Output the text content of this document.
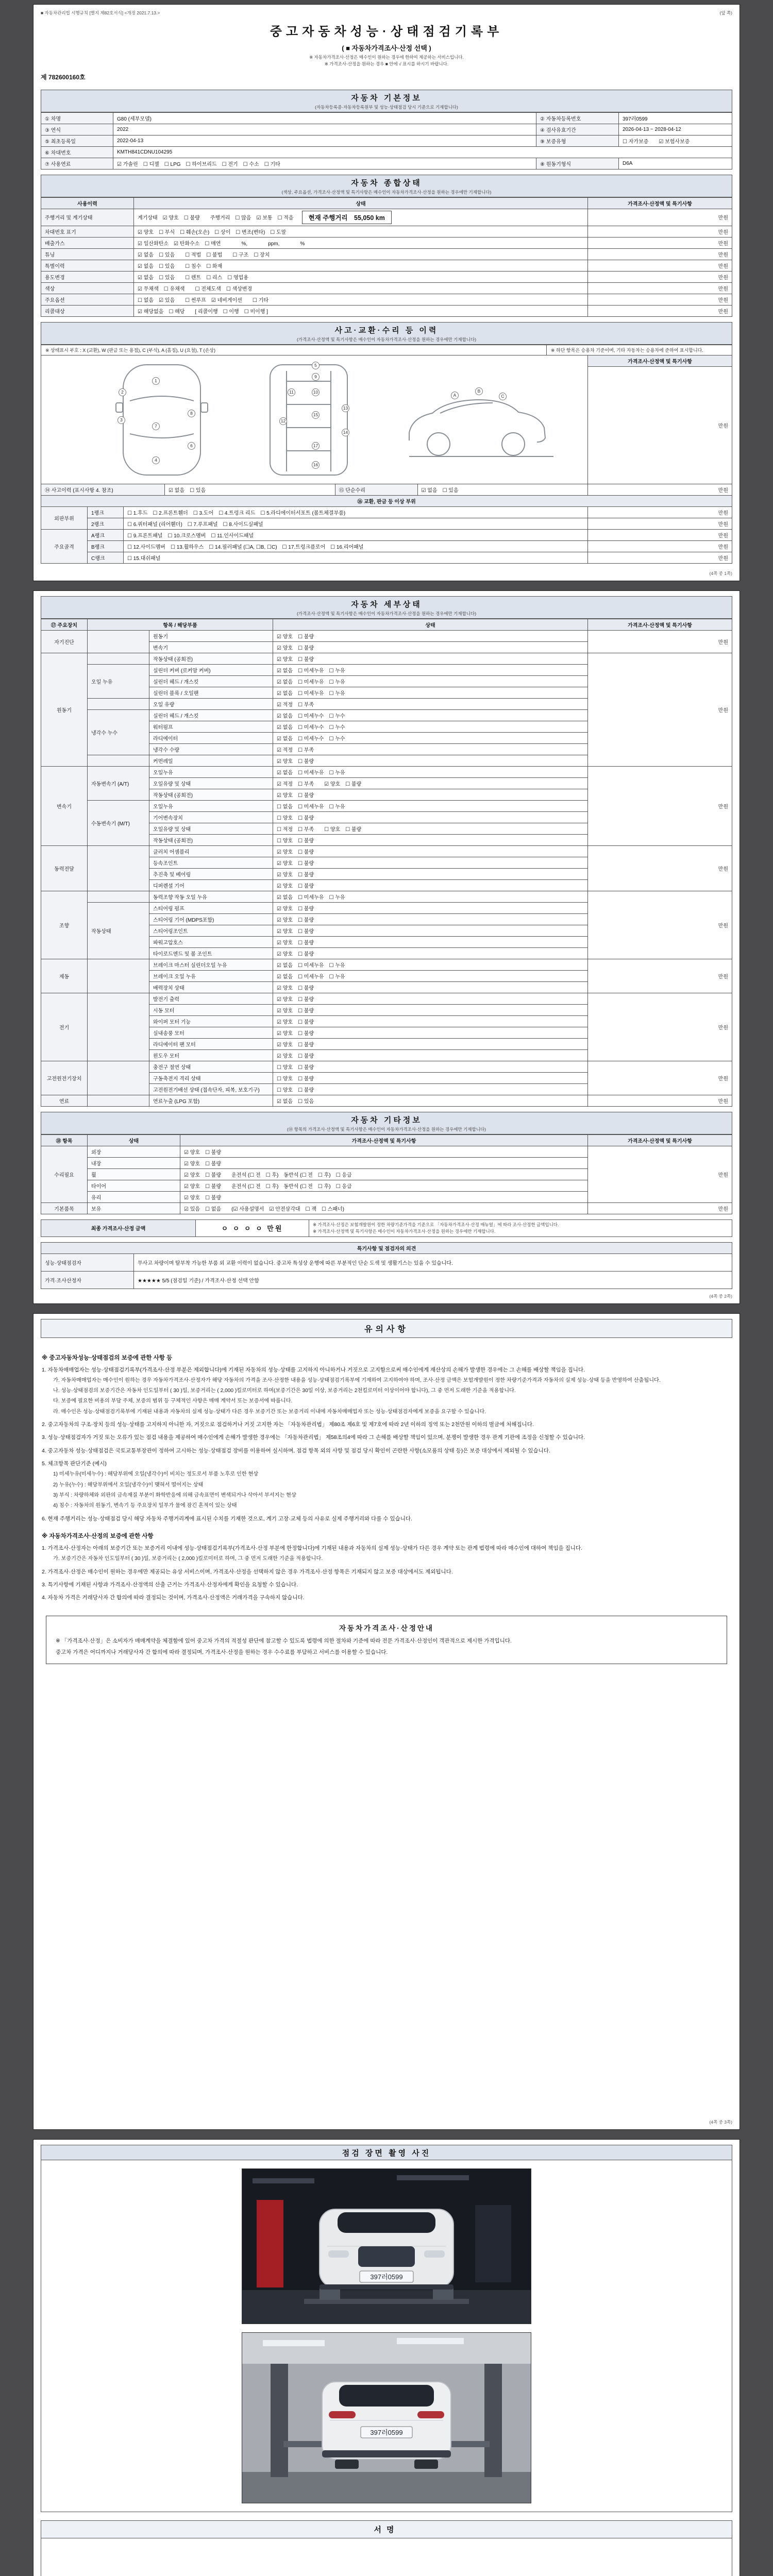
■ 자동차관리법 시행규칙 [별지 제82호서식] <개정 2021.7.13.>	(앞 쪽)
중고자동차성능·상태점검기록부
( ■ 자동차가격조사·산정 선택 )
※ 자동차가격조사·산정은 매수인이 원하는 경우에 한하여 제공하는 서비스입니다.
※ 가격조사·산정을 원하는 경우 ■ 안에 √ 표시를 하시기 바랍니다.
제 782600160호
자동차 기본정보
(자동차등록증·자동차등록원부 및 성능·상태점검 당시 기준으로 기재합니다)
① 차명	G80 (세부모델)	② 자동차등록번호	397러0599
③ 연식	2022	④ 검사유효기간	2026-04-13 ~ 2028-04-12
⑤ 최초등록일	2022-04-13	⑨ 보증유형	☐ 자가보증　　☑ 보험사보증
⑥ 차대번호	KMTH841CDNU104295
⑦ 사용연료	☑ 가솔린　☐ 디젤　☐ LPG　☐ 하이브리드　☐ 전기　☐ 수소　☐ 기타	⑧ 원동기형식	D6A
자동차 종합상태
(색상, 주요옵션, 가격조사·산정액 및 특기사항은 매수인이 자동차가격조사·산정을 원하는 경우에만 기재합니다)
사용이력	상태	가격조사·산정액 및 특기사항
주행거리 및 계기상태	계기상태　☑ 양호　☐ 불량　　주행거리　☐ 많음　☑ 보통　☐ 적음	현재 주행거리　55,050 km	만원
차대번호 표기	☑ 양호　☐ 부식　☐ 훼손(오손)　☐ 상이　☐ 변조(변타)　☐ 도말	만원
배출가스	☑ 일산화탄소　☑ 탄화수소　☐ 매연　　　　%,　　　　ppm,　　　　%	만원
튜닝	☑ 없음　☐ 있음　　☐ 적법　☐ 불법　　☐ 구조　☐ 장치	만원
특별이력	☑ 없음　☐ 있음　　☐ 침수　☐ 화재	만원
용도변경	☑ 없음　☐ 있음　　☐ 렌트　☐ 리스　☐ 영업용	만원
색상	☑ 무채색　☐ 유채색　　☐ 전체도색　☐ 색상변경	만원
주요옵션	☐ 없음　☑ 있음　　☐ 썬루프　☑ 네비게이션　　☐ 기타	만원
리콜대상	☑ 해당없음　☐ 해당　　[ 리콜이행　☐ 이행　☐ 미이행 ]	만원
사고·교환·수리 등 이력
(가격조사·산정액 및 특기사항은 매수인이 자동차가격조사·산정을 원하는 경우에만 기재합니다)
※ 상태표시 부호 : X (교환), W (판금 또는 용접), C (부식), A (흠집), U (요철), T (손상)	※ 하단 항목은 승용차 기준이며, 기타 자동차는 승용차에 준하여 표시합니다.
1
2
3
4
5
6
7
8
9
10
11
12
13
14
15
16
17
A
B
C
가격조사·산정액 및 특기사항
만원
⑭ 사고이력 (표시사항 4. 참조)	☑ 없음　☐ 있음	⑮ 단순수리	☑ 없음　☐ 있음	만원
⑯ 교환, 판금 등 이상 부위
외판부위
1랭크	☐ 1.후드　☐ 2.프론트휀더　☐ 3.도어　☐ 4.트렁크 리드　☐ 5.라디에이터서포트 (볼트체결부품)	만원
2랭크	☐ 6.쿼터패널 (리어휀더)　☐ 7.루프패널　☐ 8.사이드실패널	만원
주요골격
A랭크	☐ 9.프론트패널　☐ 10.크로스멤버　☐ 11.인사이드패널	만원
B랭크	☐ 12.사이드멤버　☐ 13.휠하우스　☐ 14.필러패널 (☐A, ☐B, ☐C)　☐ 17.트렁크플로어　☐ 16.리어패널	만원
C랭크	☐ 15.대쉬패널	만원
(4쪽 중 1쪽)
자동차 세부상태
(가격조사·산정액 및 특기사항은 매수인이 자동차가격조사·산정을 원하는 경우에만 기재합니다)
⑰ 주요장치	항목 / 해당부품	상태	가격조사·산정액 및 특기사항
자기진단
원동기	☑ 양호　☐ 불량
변속기	☑ 양호　☐ 불량
만원
원동기
작동상태 (공회전)	☑ 양호　☐ 불량
오일 누유
실린더 커버 (로커암 커버)	☑ 없음　☐ 미세누유　☐ 누유
실린더 헤드 / 개스킷	☑ 없음　☐ 미세누유　☐ 누유
실린더 블록 / 오일팬	☑ 없음　☐ 미세누유　☐ 누유
오일 유량	☑ 적정　☐ 부족
냉각수 누수
실린더 헤드 / 개스킷	☑ 없음　☐ 미세누수　☐ 누수
워터펌프	☑ 없음　☐ 미세누수　☐ 누수
라디에이터	☑ 없음　☐ 미세누수　☐ 누수
냉각수 수량	☑ 적정　☐ 부족
커먼레일	☑ 양호　☐ 불량
만원
변속기
자동변속기 (A/T)
오일누유	☑ 없음　☐ 미세누유　☐ 누유
오일유량 및 상태	☑ 적정　☐ 부족　　☑ 양호　☐ 불량
작동상태 (공회전)	☑ 양호　☐ 불량
수동변속기 (M/T)
오일누유	☐ 없음　☐ 미세누유　☐ 누유
기어변속장치	☐ 양호　☐ 불량
오일유량 및 상태	☐ 적정　☐ 부족　　☐ 양호　☐ 불량
작동상태 (공회전)	☐ 양호　☐ 불량
만원
동력전달
클러치 어셈블리	☑ 양호　☐ 불량
등속조인트	☑ 양호　☐ 불량
추진축 및 베어링	☑ 양호　☐ 불량
디퍼렌셜 기어	☑ 양호　☐ 불량
만원
조향
동력조향 작동 오일 누유	☑ 없음　☐ 미세누유　☐ 누유
작동상태
스티어링 펌프	☑ 양호　☐ 불량
스티어링 기어 (MDPS포함)	☑ 양호　☐ 불량
스티어링조인트	☑ 양호　☐ 불량
파워고압호스	☑ 양호　☐ 불량
타이로드엔드 및 볼 조인트	☑ 양호　☐ 불량
만원
제동
브레이크 마스터 실린더오일 누유	☑ 없음　☐ 미세누유　☐ 누유
브레이크 오일 누유	☑ 없음　☐ 미세누유　☐ 누유
배력장치 상태	☑ 양호　☐ 불량
만원
전기
발전기 출력	☑ 양호　☐ 불량
시동 모터	☑ 양호　☐ 불량
와이퍼 모터 기능	☑ 양호　☐ 불량
실내송풍 모터	☑ 양호　☐ 불량
라디에이터 팬 모터	☑ 양호　☐ 불량
윈도우 모터	☑ 양호　☐ 불량
만원
고전원전기장치
충전구 절연 상태	☐ 양호　☐ 불량
구동축전지 격리 상태	☐ 양호　☐ 불량
고전원전기배선 상태 (접속단자, 피복, 보호기구)	☐ 양호　☐ 불량
만원
연료	연료누출 (LPG 포함)	☑ 없음　☐ 있음	만원
자동차 기타정보
(⑱ 항목의 가격조사·산정액 및 특기사항은 매수인이 자동차가격조사·산정을 원하는 경우에만 기재합니다)
⑱ 항목	상태	가격조사·산정액 및 특기사항	가격조사·산정액 및 특기사항
수리필요
외장	☑ 양호　☐ 불량
내장	☑ 양호　☐ 불량
휠	☑ 양호　☐ 불량　　운전석 (☐ 전　☐ 후)　동반석 (☐ 전　☐ 후)　☐ 응급
타이어	☑ 양호　☐ 불량　　운전석 (☐ 전　☐ 후)　동반석 (☐ 전　☐ 후)　☐ 응급
유리	☑ 양호　☐ 불량
만원
기본품목	보유	☑ 있음　☐ 없음　　(☑ 사용설명서　☑ 안전삼각대　☐ 잭　☐ 스패너)	만원
최종 가격조사·산정 금액	ㅇ ㅇ ㅇ ㅇ 만원
※ 가격조사·산정은 보험개발원이 정한 차량기준가격을 기준으로 「자동차가격조사·산정 매뉴얼」에 따라 조사·산정한 금액입니다.
※ 가격조사·산정액 및 특기사항은 매수인이 자동차가격조사·산정을 원하는 경우에만 기재합니다.
특기사항 및 점검자의 의견
성능·상태점검자	무사고 차량이며 탈부착 가능한 부품 외 교환 이력이 없습니다. 중고차 특성상 운행에 따른 부분적인 단순 도색 및 생활기스는 있을 수 있습니다.
가격·조사산정자	★★★★★ 5/5 (점검일 기준) / 가격조사·산정 선택 안함
(4쪽 중 2쪽)
유의사항
※ 중고자동차성능·상태점검의 보증에 관한 사항 등
1. 자동차매매업자는 성능·상태점검기록부(가격조사·산정 부분은 제외합니다)에 기재된 자동차의 성능·상태를 고지하지 아니하거나 거짓으로 고지함으로써 매수인에게 재산상의 손해가 발생한 경우에는 그 손해를 배상할 책임을 집니다.
가. 자동차매매업자는 매수인이 원하는 경우 자동차가격조사·산정자가 해당 자동차의 가격을 조사·산정한 내용을 성능·상태점검기록부에 기재하여 고지하여야 하며, 조사·산정 금액은 보험개발원이 정한 차량기준가격과 자동차의 실제 성능·상태 등을 반영하여 산출됩니다.
나. 성능·상태점검의 보증기간은 자동차 인도일부터 ( 30 )일, 보증거리는 ( 2,000 )킬로미터로 하며(보증기간은 30일 이상, 보증거리는 2천킬로미터 이상이어야 합니다), 그 중 먼저 도래한 기준을 적용합니다.
다. 보증에 필요한 비용의 부담 주체, 보증의 범위 등 구체적인 사항은 매매 계약서 또는 보증서에 따릅니다.
라. 매수인은 성능·상태점검기록부에 기재된 내용과 자동차의 실제 성능·상태가 다른 경우 보증기간 또는 보증거리 이내에 자동차매매업자 또는 성능·상태점검자에게 보증을 요구할 수 있습니다.
2. 중고자동차의 구조·장치 등의 성능·상태를 고지하지 아니한 자, 거짓으로 점검하거나 거짓 고지한 자는 「자동차관리법」 제80조 제6호 및 제7호에 따라 2년 이하의 징역 또는 2천만원 이하의 벌금에 처해집니다.
3. 성능·상태점검자가 거짓 또는 오류가 있는 점검 내용을 제공하여 매수인에게 손해가 발생한 경우에는 「자동차관리법」 제58조의4에 따라 그 손해를 배상할 책임이 있으며, 분쟁이 발생한 경우 관계 기관에 조정을 신청할 수 있습니다.
4. 중고자동차 성능·상태점검은 국토교통부장관이 정하여 고시하는 성능·상태점검 장비를 이용하여 실시하며, 점검 항목 외의 사항 및 점검 당시 확인이 곤란한 사항(소모품의 상태 등)은 보증 대상에서 제외될 수 있습니다.
5. 체크항목 판단기준 (예시)
1) 미세누유(미세누수) : 해당부위에 오일(냉각수)이 비치는 정도로서 부품 노후로 인한 현상
2) 누유(누수) : 해당부위에서 오일(냉각수)이 맺혀서 떨어지는 상태
3) 부식 : 차량하체와 외판의 금속재질 부분이 화학반응에 의해 금속표면이 변색되거나 삭아서 부서지는 현상
4) 침수 : 자동차의 원동기, 변속기 등 주요장치 일부가 물에 잠긴 흔적이 있는 상태
6. 현재 주행거리는 성능·상태점검 당시 해당 자동차 주행거리계에 표시된 수치를 기재한 것으로, 계기 고장·교체 등의 사유로 실제 주행거리와 다를 수 있습니다.
※ 자동차가격조사·산정의 보증에 관한 사항
1. 가격조사·산정자는 아래의 보증기간 또는 보증거리 이내에 성능·상태점검기록부(가격조사·산정 부분에 한정합니다)에 기재된 내용과 자동차의 실제 성능·상태가 다른 경우 계약 또는 관계 법령에 따라 매수인에 대하여 책임을 집니다.
가. 보증기간은 자동차 인도일부터 ( 30 )일, 보증거리는 ( 2,000 )킬로미터로 하며, 그 중 먼저 도래한 기준을 적용합니다.
2. 가격조사·산정은 매수인이 원하는 경우에만 제공되는 유상 서비스이며, 가격조사·산정을 선택하지 않은 경우 가격조사·산정 항목은 기재되지 않고 보증 대상에서도 제외됩니다.
3. 특기사항에 기재된 사항과 가격조사·산정액의 산출 근거는 가격조사·산정자에게 확인을 요청할 수 있습니다.
4. 자동차 가격은 거래당사자 간 합의에 따라 결정되는 것이며, 가격조사·산정액은 거래가격을 구속하지 않습니다.
자동차가격조사·산정안내
※ 「가격조사·산정」은 소비자가 매매계약을 체결함에 있어 중고차 가격의 적절성 판단에 참고할 수 있도록 법령에 의한 절차와 기준에 따라 전문 가격조사·산정인이 객관적으로 제시한 가격입니다.
중고차 가격은 어디까지나 거래당사자 간 합의에 따라 결정되며, 가격조사·산정을 원하는 경우 수수료를 부담하고 서비스를 이용할 수 있습니다.
(4쪽 중 3쪽)
점검 장면 촬영 사진
397러0599
397러0599
서명
